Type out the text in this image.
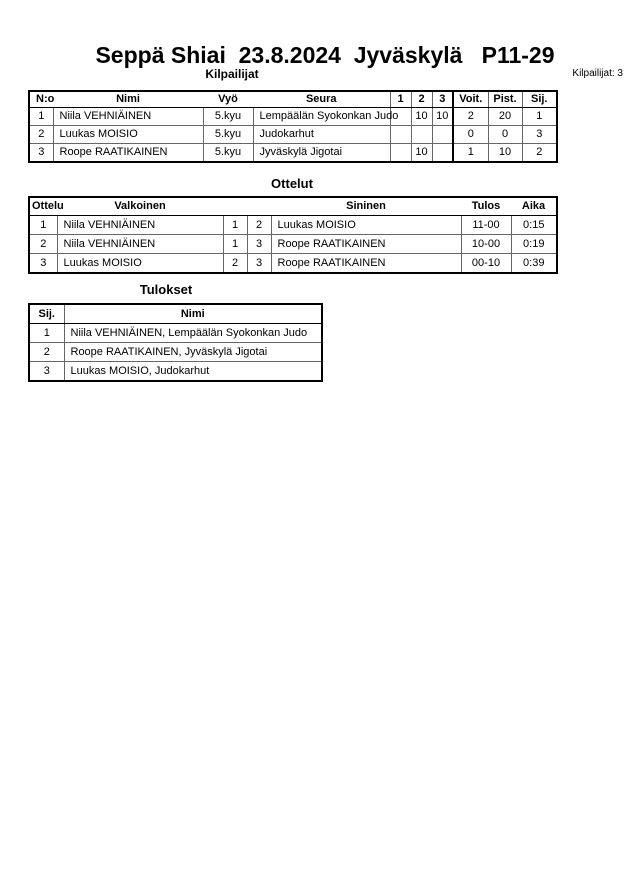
Seppä Shiai  23.8.2024  Jyväskylä   P11-29
Kilpailijat	Kilpailijat: 3
N:o	Nimi	Vyö	Seura	1	2	3	Voit.	Pist.	Sij.
1	Niila VEHNIÄINEN	5.kyu	Lempäälän Syokonkan Judo		10	10	2	20	1
2	Luukas MOISIO	5.kyu	Judokarhut				0	0	3
3	Roope RAATIKAINEN	5.kyu	Jyväskylä Jigotai		10		1	10	2
Ottelut
Ottelu	Valkoinen			Sininen	Tulos	Aika
1	Niila VEHNIÄINEN	1	2	Luukas MOISIO	11-00	0:15
2	Niila VEHNIÄINEN	1	3	Roope RAATIKAINEN	10-00	0:19
3	Luukas MOISIO	2	3	Roope RAATIKAINEN	00-10	0:39
Tulokset
Sij.	Nimi
1	Niila VEHNIÄINEN, Lempäälän Syokonkan Judo
2	Roope RAATIKAINEN, Jyväskylä Jigotai
3	Luukas MOISIO, Judokarhut
